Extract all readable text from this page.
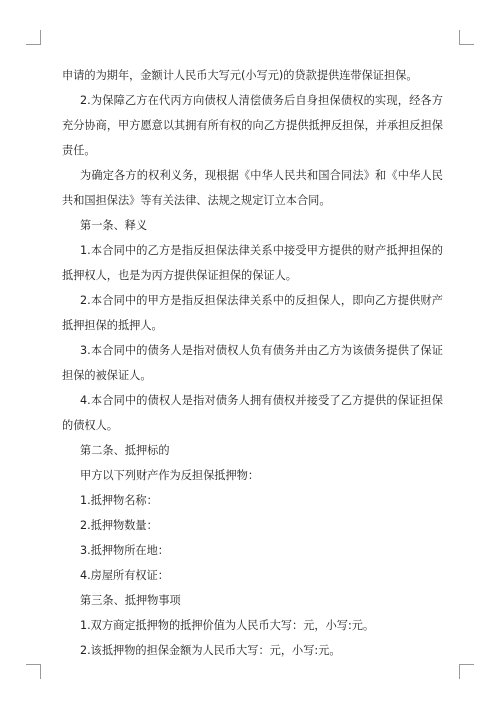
申请的为期年，金额计人民币大写元(小写元)的贷款提供连带保证担保。

2.为保障乙方在代丙方向债权人清偿债务后自身担保债权的实现，经各方充分协商，甲方愿意以其拥有所有权的向乙方提供抵押反担保，并承担反担保责任。

为确定各方的权利义务，现根据《中华人民共和国合同法》和《中华人民共和国担保法》等有关法律、法规之规定订立本合同。

第一条、释义

1.本合同中的乙方是指反担保法律关系中接受甲方提供的财产抵押担保的抵押权人，也是为丙方提供保证担保的保证人。

2.本合同中的甲方是指反担保法律关系中的反担保人，即向乙方提供财产抵押担保的抵押人。

3.本合同中的债务人是指对债权人负有债务并由乙方为该债务提供了保证担保的被保证人。

4.本合同中的债权人是指对债务人拥有债权并接受了乙方提供的保证担保的债权人。

第二条、抵押标的

甲方以下列财产作为反担保抵押物：

1.抵押物名称：

2.抵押物数量：

3.抵押物所在地：

4.房屋所有权证：

第三条、抵押物事项

1.双方商定抵押物的抵押价值为人民币大写：元，小写:元。

2.该抵押物的担保金额为人民币大写：元，小写:元。
